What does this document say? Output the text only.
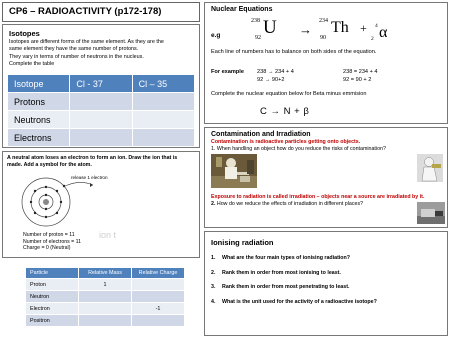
CP6 – RADIOACTIVITY (p172-178)
Isotopes
Isotopes are different forms of the same element. As they are the
same element they have the same number of protons.
They vary in terms of number of neutrons in the nucleus.
Complete the table
Isotope	Cl - 37	Cl – 35
Protons		
Neutrons		
Electrons		
A neutral atom loses an electron to form an ion. Draw the ion that is
made. Add a symbol for the atom.
release 1 electron
Number of proton = 11
Number of electrons = 11
Charge = 0 (Neutral)
ion t
Particle	Relative Mass	Relative Charge
Proton	1	
Neutron		
Electron		-1
Positron		
Nuclear Equations
e.g
238
92 U →
234
90
Th + 4
2 α
Each line of numbers has to balance on both sides of the equation.
For example 238 → 234 + 4
92 → 90+2
238 = 234 + 4
92 = 90 + 2
Complete the nuclear equation below for Beta minus emmision
C → N + β
Contamination and Irradiation
Contamination is radioactive particles getting onto objects.
1. When handling an object how do you reduce the risks of contamination?
Exposure to radiation is called irradiation – objects near a source are irradiated by it.
2. How do we reduce the effects of irradiation in different places?
Ionising radiation
1. What are the four main types of ionising radiation?
2. Rank them in order from most ionising to least.
3. Rank them in order from most penetrating to least.
4. What is the unit used for the activity of a radioactive isotope?
